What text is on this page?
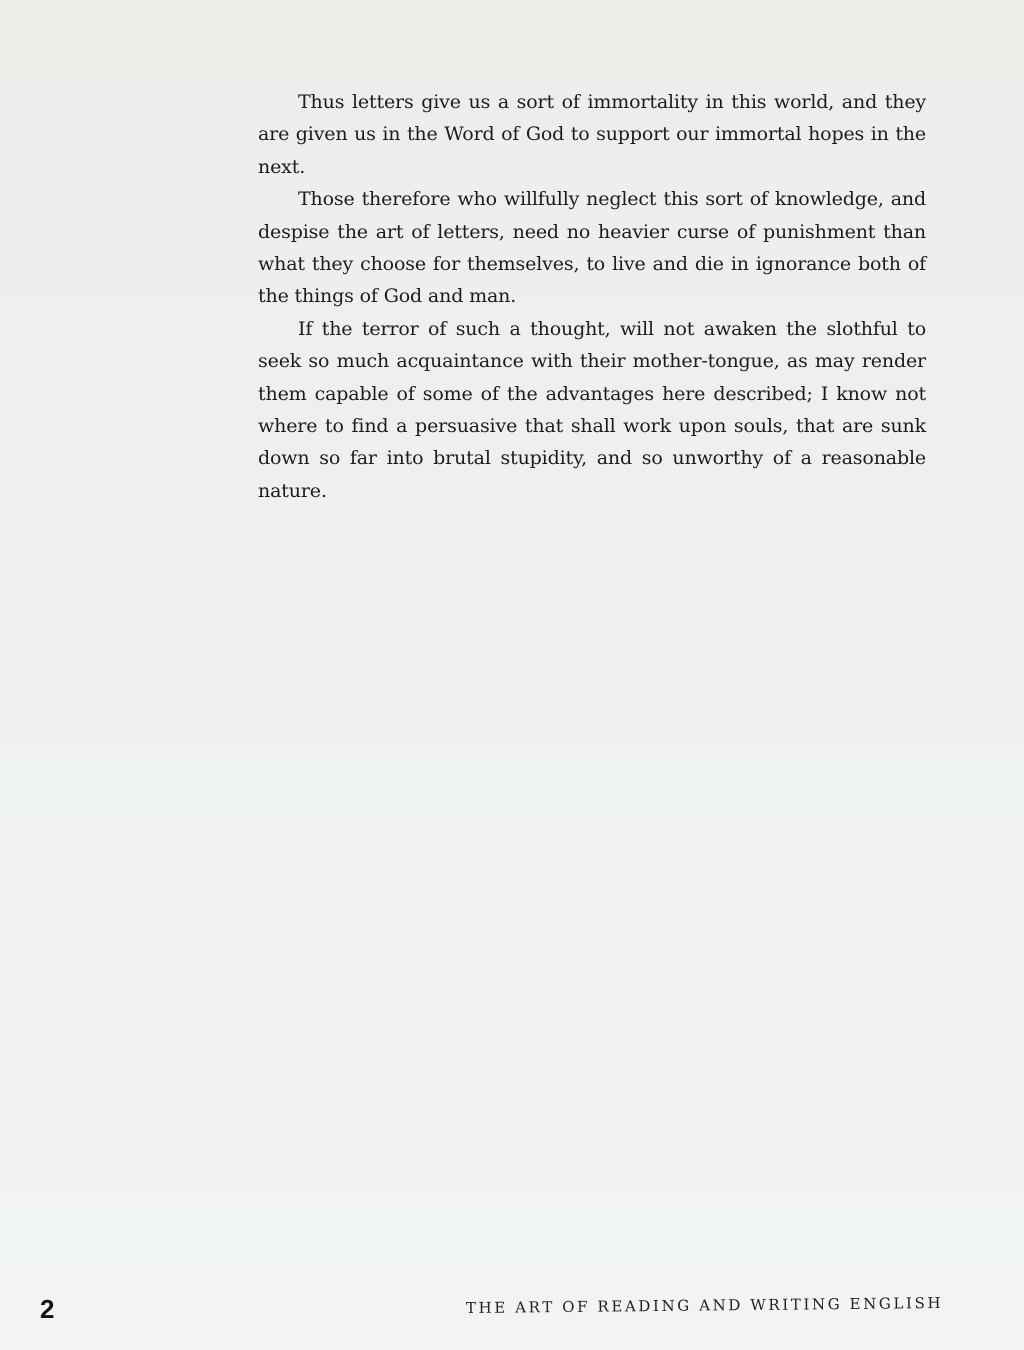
Thus letters give us a sort of immortality in this world, and they are given us in the Word of God to support our immortal hopes in the next.

Those therefore who willfully neglect this sort of knowledge, and despise the art of letters, need no heavier curse of punishment than what they choose for themselves, to live and die in ignorance both of the things of God and man.

If the terror of such a thought, will not awaken the slothful to seek so much acquaintance with their mother-tongue, as may render them capable of some of the advantages here described; I know not where to find a persuasive that shall work upon souls, that are sunk down so far into brutal stupidity, and so unworthy of a reasonable nature.

2	THE ART OF READING AND WRITING ENGLISH
